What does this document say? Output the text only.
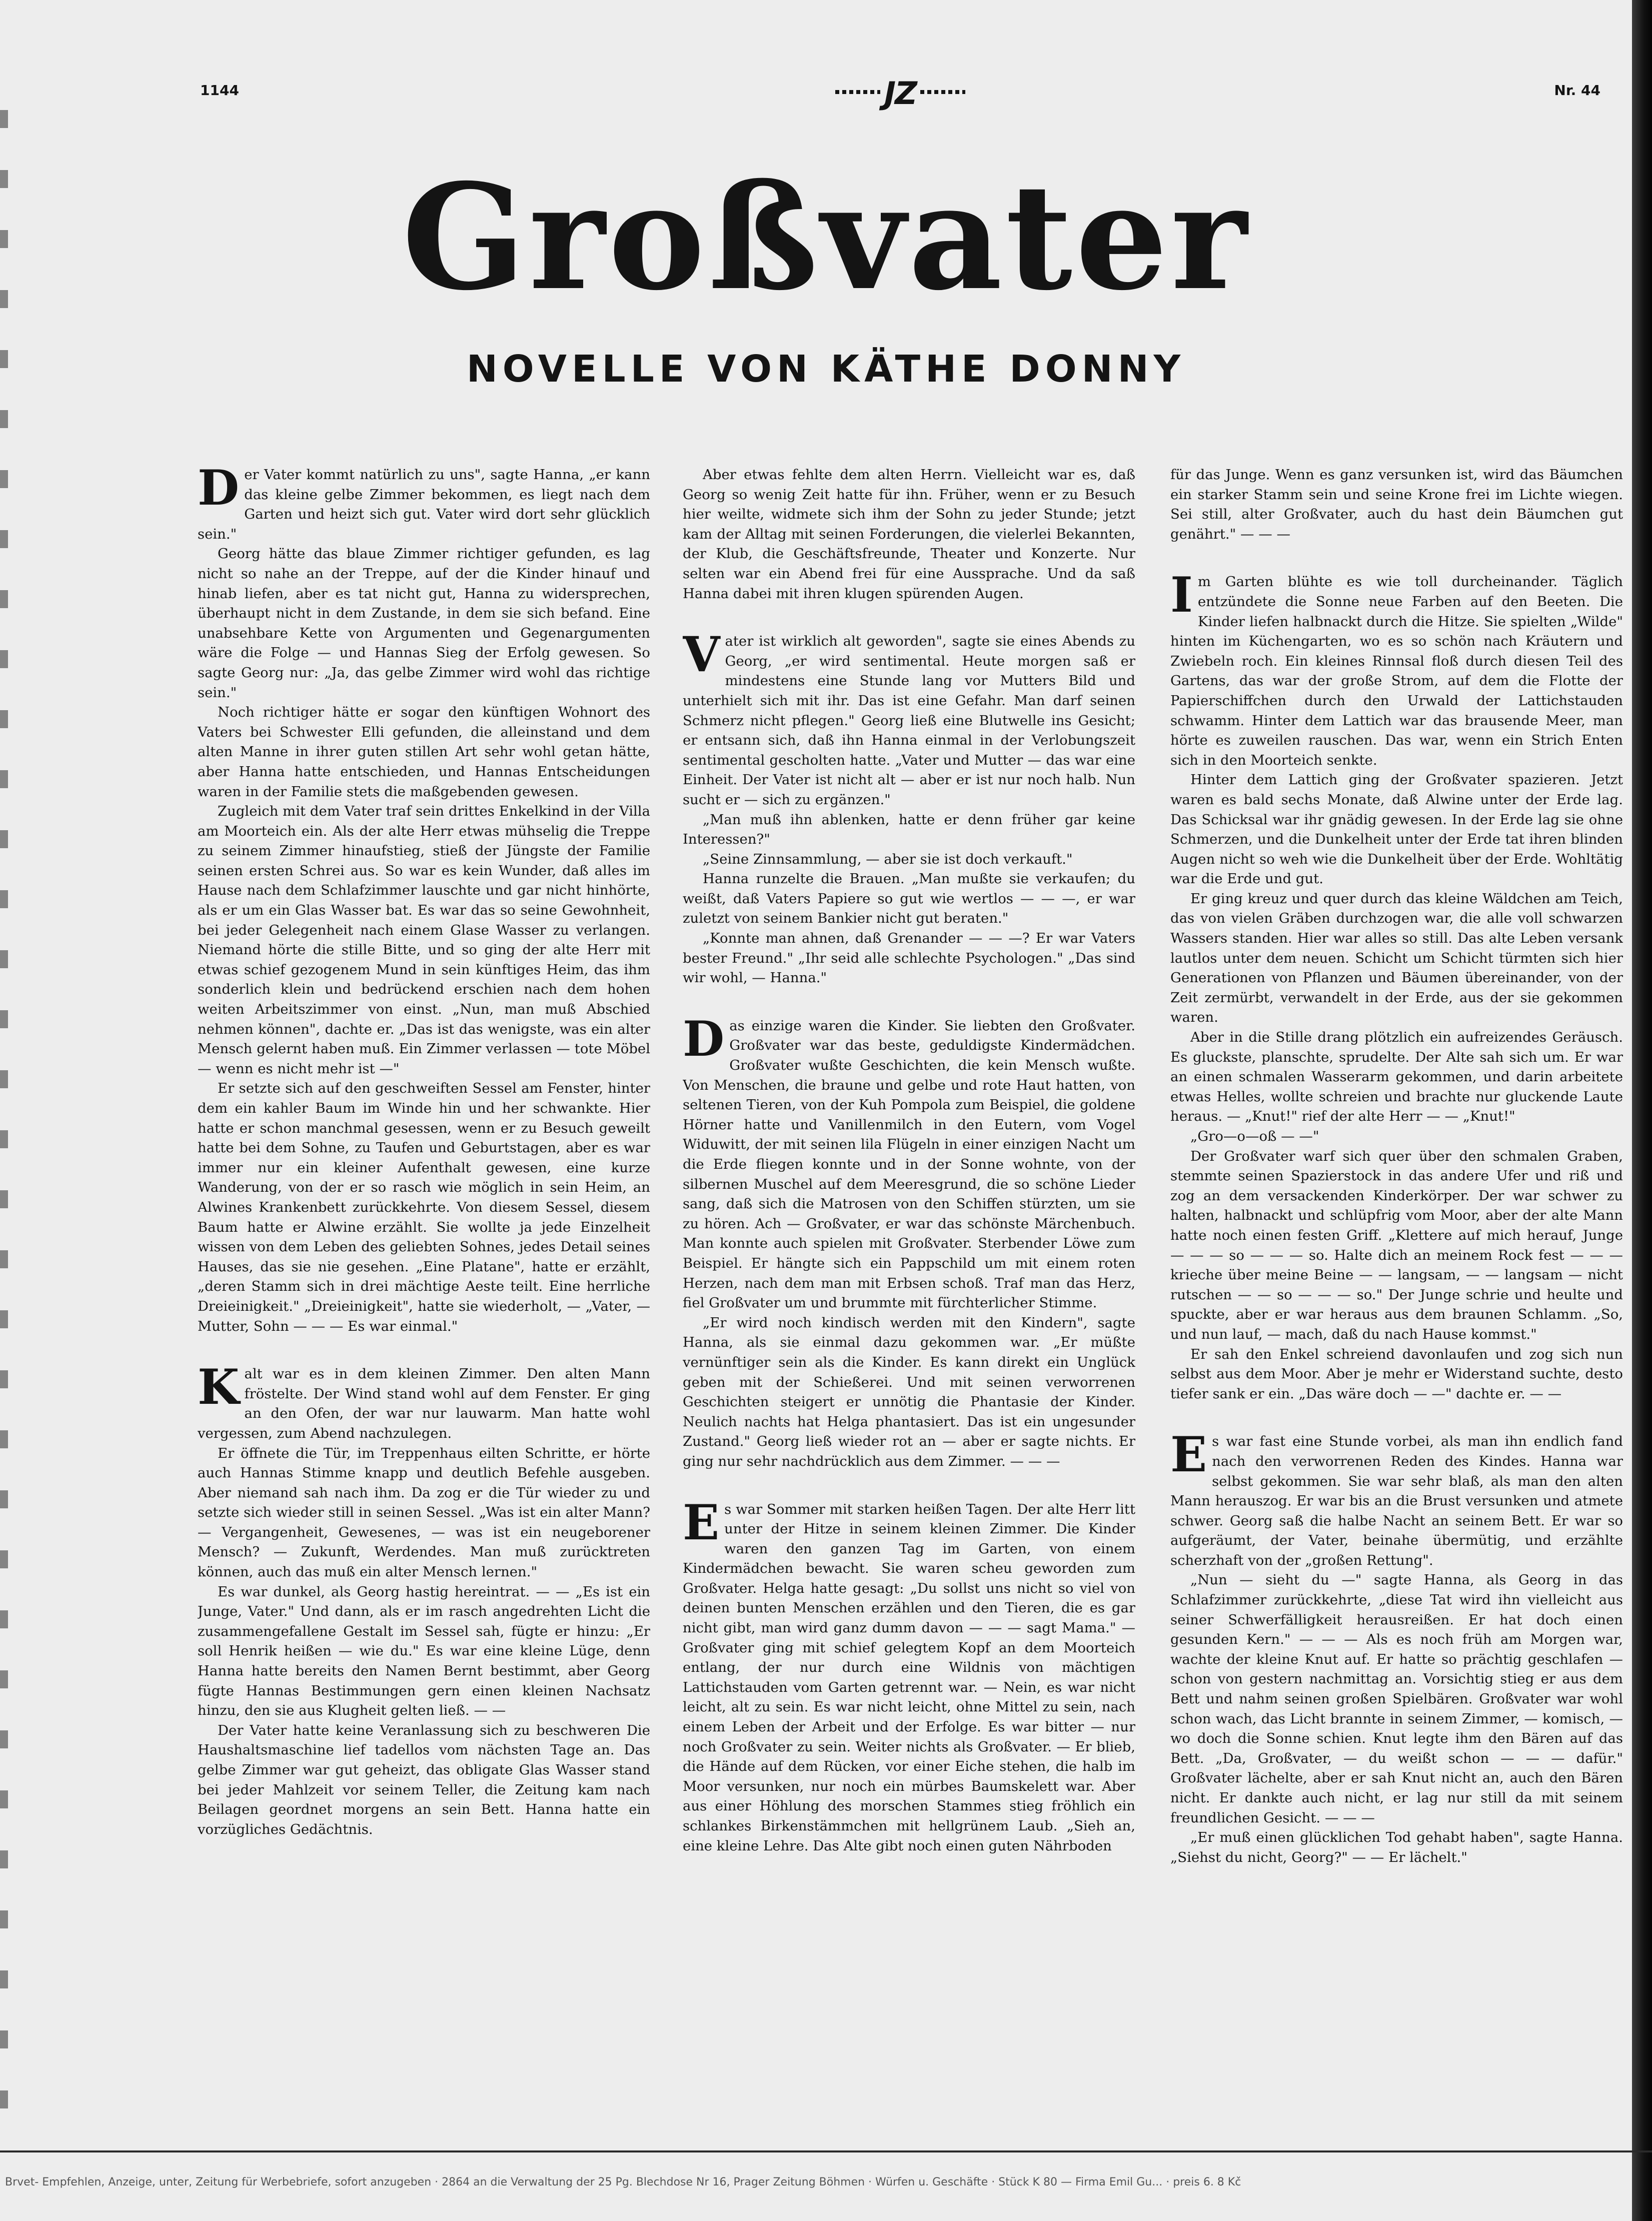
1144	JZ	Nr. 44
Großvater
NOVELLE VON KÄTHE DONNY

Der Vater kommt natürlich zu uns", sagte Hanna, „er kann das kleine gelbe Zimmer bekommen, es liegt nach dem Garten und heizt sich gut. Vater wird dort sehr glücklich sein."

Georg hätte das blaue Zimmer richtiger gefunden, es lag nicht so nahe an der Treppe, auf der die Kinder hinauf und hinab liefen, aber es tat nicht gut, Hanna zu widersprechen, überhaupt nicht in dem Zustande, in dem sie sich befand. Eine unabsehbare Kette von Argumenten und Gegenargumenten wäre die Folge — und Hannas Sieg der Erfolg gewesen. So sagte Georg nur: „Ja, das gelbe Zimmer wird wohl das richtige sein."

Noch richtiger hätte er sogar den künftigen Wohnort des Vaters bei Schwester Elli gefunden, die alleinstand und dem alten Manne in ihrer guten stillen Art sehr wohl getan hätte, aber Hanna hatte entschieden, und Hannas Entscheidungen waren in der Familie stets die maßgebenden gewesen.

Zugleich mit dem Vater traf sein drittes Enkelkind in der Villa am Moorteich ein. Als der alte Herr etwas mühselig die Treppe zu seinem Zimmer hinaufstieg, stieß der Jüngste der Familie seinen ersten Schrei aus. So war es kein Wunder, daß alles im Hause nach dem Schlafzimmer lauschte und gar nicht hinhörte, als er um ein Glas Wasser bat. Es war das so seine Gewohnheit, bei jeder Gelegenheit nach einem Glase Wasser zu verlangen. Niemand hörte die stille Bitte, und so ging der alte Herr mit etwas schief gezogenem Mund in sein künftiges Heim, das ihm sonderlich klein und bedrückend erschien nach dem hohen weiten Arbeitszimmer von einst. „Nun, man muß Abschied nehmen können", dachte er. „Das ist das wenigste, was ein alter Mensch gelernt haben muß. Ein Zimmer verlassen — tote Möbel — wenn es nicht mehr ist —"

Er setzte sich auf den geschweiften Sessel am Fenster, hinter dem ein kahler Baum im Winde hin und her schwankte. Hier hatte er schon manchmal gesessen, wenn er zu Besuch geweilt hatte bei dem Sohne, zu Taufen und Geburtstagen, aber es war immer nur ein kleiner Aufenthalt gewesen, eine kurze Wanderung, von der er so rasch wie möglich in sein Heim, an Alwines Krankenbett zurückkehrte. Von diesem Sessel, diesem Baum hatte er Alwine erzählt. Sie wollte ja jede Einzelheit wissen von dem Leben des geliebten Sohnes, jedes Detail seines Hauses, das sie nie gesehen. „Eine Platane", hatte er erzählt, „deren Stamm sich in drei mächtige Aeste teilt. Eine herrliche Dreieinigkeit." „Dreieinigkeit", hatte sie wiederholt, — „Vater, — Mutter, Sohn — — — Es war einmal."

Kalt war es in dem kleinen Zimmer. Den alten Mann fröstelte. Der Wind stand wohl auf dem Fenster. Er ging an den Ofen, der war nur lauwarm. Man hatte wohl vergessen, zum Abend nachzulegen.

Er öffnete die Tür, im Treppenhaus eilten Schritte, er hörte auch Hannas Stimme knapp und deutlich Befehle ausgeben. Aber niemand sah nach ihm. Da zog er die Tür wieder zu und setzte sich wieder still in seinen Sessel. „Was ist ein alter Mann? — Vergangenheit, Gewesenes, — was ist ein neugeborener Mensch? — Zukunft, Werdendes. Man muß zurücktreten können, auch das muß ein alter Mensch lernen."

Es war dunkel, als Georg hastig hereintrat. — — „Es ist ein Junge, Vater." Und dann, als er im rasch angedrehten Licht die zusammengefallene Gestalt im Sessel sah, fügte er hinzu: „Er soll Henrik heißen — wie du." Es war eine kleine Lüge, denn Hanna hatte bereits den Namen Bernt bestimmt, aber Georg fügte Hannas Bestimmungen gern einen kleinen Nachsatz hinzu, den sie aus Klugheit gelten ließ. — —

Der Vater hatte keine Veranlassung sich zu beschweren Die Haushaltsmaschine lief tadellos vom nächsten Tage an. Das gelbe Zimmer war gut geheizt, das obligate Glas Wasser stand bei jeder Mahlzeit vor seinem Teller, die Zeitung kam nach Beilagen geordnet morgens an sein Bett. Hanna hatte ein vorzügliches Gedächtnis.

Aber etwas fehlte dem alten Herrn. Vielleicht war es, daß Georg so wenig Zeit hatte für ihn. Früher, wenn er zu Besuch hier weilte, widmete sich ihm der Sohn zu jeder Stunde; jetzt kam der Alltag mit seinen Forderungen, die vielerlei Bekannten, der Klub, die Geschäftsfreunde, Theater und Konzerte. Nur selten war ein Abend frei für eine Aussprache. Und da saß Hanna dabei mit ihren klugen spürenden Augen.

Vater ist wirklich alt geworden", sagte sie eines Abends zu Georg, „er wird sentimental. Heute morgen saß er mindestens eine Stunde lang vor Mutters Bild und unterhielt sich mit ihr. Das ist eine Gefahr. Man darf seinen Schmerz nicht pflegen." Georg ließ eine Blutwelle ins Gesicht; er entsann sich, daß ihn Hanna einmal in der Verlobungszeit sentimental gescholten hatte. „Vater und Mutter — das war eine Einheit. Der Vater ist nicht alt — aber er ist nur noch halb. Nun sucht er — sich zu ergänzen."

„Man muß ihn ablenken, hatte er denn früher gar keine Interessen?"

„Seine Zinnsammlung, — aber sie ist doch verkauft."

Hanna runzelte die Brauen. „Man mußte sie verkaufen; du weißt, daß Vaters Papiere so gut wie wertlos — — —, er war zuletzt von seinem Bankier nicht gut beraten."

„Konnte man ahnen, daß Grenander — — —? Er war Vaters bester Freund." „Ihr seid alle schlechte Psychologen." „Das sind wir wohl, — Hanna."

Das einzige waren die Kinder. Sie liebten den Großvater. Großvater war das beste, geduldigste Kindermädchen. Großvater wußte Geschichten, die kein Mensch wußte. Von Menschen, die braune und gelbe und rote Haut hatten, von seltenen Tieren, von der Kuh Pompola zum Beispiel, die goldene Hörner hatte und Vanillenmilch in den Eutern, vom Vogel Widuwitt, der mit seinen lila Flügeln in einer einzigen Nacht um die Erde fliegen konnte und in der Sonne wohnte, von der silbernen Muschel auf dem Meeresgrund, die so schöne Lieder sang, daß sich die Matrosen von den Schiffen stürzten, um sie zu hören. Ach — Großvater, er war das schönste Märchenbuch. Man konnte auch spielen mit Großvater. Sterbender Löwe zum Beispiel. Er hängte sich ein Pappschild um mit einem roten Herzen, nach dem man mit Erbsen schoß. Traf man das Herz, fiel Großvater um und brummte mit fürchterlicher Stimme.

„Er wird noch kindisch werden mit den Kindern", sagte Hanna, als sie einmal dazu gekommen war. „Er müßte vernünftiger sein als die Kinder. Es kann direkt ein Unglück geben mit der Schießerei. Und mit seinen verworrenen Geschichten steigert er unnötig die Phantasie der Kinder. Neulich nachts hat Helga phantasiert. Das ist ein ungesunder Zustand." Georg ließ wieder rot an — aber er sagte nichts. Er ging nur sehr nachdrücklich aus dem Zimmer. — — —

Es war Sommer mit starken heißen Tagen. Der alte Herr litt unter der Hitze in seinem kleinen Zimmer. Die Kinder waren den ganzen Tag im Garten, von einem Kindermädchen bewacht. Sie waren scheu geworden zum Großvater. Helga hatte gesagt: „Du sollst uns nicht so viel von deinen bunten Menschen erzählen und den Tieren, die es gar nicht gibt, man wird ganz dumm davon — — — sagt Mama." — Großvater ging mit schief gelegtem Kopf an dem Moorteich entlang, der nur durch eine Wildnis von mächtigen Lattichstauden vom Garten getrennt war. — Nein, es war nicht leicht, alt zu sein. Es war nicht leicht, ohne Mittel zu sein, nach einem Leben der Arbeit und der Erfolge. Es war bitter — nur noch Großvater zu sein. Weiter nichts als Großvater. — Er blieb, die Hände auf dem Rücken, vor einer Eiche stehen, die halb im Moor versunken, nur noch ein mürbes Baumskelett war. Aber aus einer Höhlung des morschen Stammes stieg fröhlich ein schlankes Birkenstämmchen mit hellgrünem Laub. „Sieh an, eine kleine Lehre. Das Alte gibt noch einen guten Nährboden

für das Junge. Wenn es ganz versunken ist, wird das Bäumchen ein starker Stamm sein und seine Krone frei im Lichte wiegen. Sei still, alter Großvater, auch du hast dein Bäumchen gut genährt." — — —

Im Garten blühte es wie toll durcheinander. Täglich entzündete die Sonne neue Farben auf den Beeten. Die Kinder liefen halbnackt durch die Hitze. Sie spielten „Wilde" hinten im Küchengarten, wo es so schön nach Kräutern und Zwiebeln roch. Ein kleines Rinnsal floß durch diesen Teil des Gartens, das war der große Strom, auf dem die Flotte der Papierschiffchen durch den Urwald der Lattichstauden schwamm. Hinter dem Lattich war das brausende Meer, man hörte es zuweilen rauschen. Das war, wenn ein Strich Enten sich in den Moorteich senkte.

Hinter dem Lattich ging der Großvater spazieren. Jetzt waren es bald sechs Monate, daß Alwine unter der Erde lag. Das Schicksal war ihr gnädig gewesen. In der Erde lag sie ohne Schmerzen, und die Dunkelheit unter der Erde tat ihren blinden Augen nicht so weh wie die Dunkelheit über der Erde. Wohltätig war die Erde und gut.

Er ging kreuz und quer durch das kleine Wäldchen am Teich, das von vielen Gräben durchzogen war, die alle voll schwarzen Wassers standen. Hier war alles so still. Das alte Leben versank lautlos unter dem neuen. Schicht um Schicht türmten sich hier Generationen von Pflanzen und Bäumen übereinander, von der Zeit zermürbt, verwandelt in der Erde, aus der sie gekommen waren.

Aber in die Stille drang plötzlich ein aufreizendes Geräusch. Es gluckste, planschte, sprudelte. Der Alte sah sich um. Er war an einen schmalen Wasserarm gekommen, und darin arbeitete etwas Helles, wollte schreien und brachte nur gluckende Laute heraus. — „Knut!" rief der alte Herr — — „Knut!"

„Gro—o—oß — —"

Der Großvater warf sich quer über den schmalen Graben, stemmte seinen Spazierstock in das andere Ufer und riß und zog an dem versackenden Kinderkörper. Der war schwer zu halten, halbnackt und schlüpfrig vom Moor, aber der alte Mann hatte noch einen festen Griff. „Klettere auf mich herauf, Junge — — — so — — — so. Halte dich an meinem Rock fest — — — krieche über meine Beine — — langsam, — — langsam — nicht rutschen — — so — — — so." Der Junge schrie und heulte und spuckte, aber er war heraus aus dem braunen Schlamm. „So, und nun lauf, — mach, daß du nach Hause kommst."

Er sah den Enkel schreiend davonlaufen und zog sich nun selbst aus dem Moor. Aber je mehr er Widerstand suchte, desto tiefer sank er ein. „Das wäre doch — —" dachte er. — —

Es war fast eine Stunde vorbei, als man ihn endlich fand nach den verworrenen Reden des Kindes. Hanna war selbst gekommen. Sie war sehr blaß, als man den alten Mann herauszog. Er war bis an die Brust versunken und atmete schwer. Georg saß die halbe Nacht an seinem Bett. Er war so aufgeräumt, der Vater, beinahe übermütig, und erzählte scherzhaft von der „großen Rettung".

„Nun — sieht du —" sagte Hanna, als Georg in das Schlafzimmer zurückkehrte, „diese Tat wird ihn vielleicht aus seiner Schwerfälligkeit herausreißen. Er hat doch einen gesunden Kern." — — — Als es noch früh am Morgen war, wachte der kleine Knut auf. Er hatte so prächtig geschlafen — schon von gestern nachmittag an. Vorsichtig stieg er aus dem Bett und nahm seinen großen Spielbären. Großvater war wohl schon wach, das Licht brannte in seinem Zimmer, — komisch, — wo doch die Sonne schien. Knut legte ihm den Bären auf das Bett. „Da, Großvater, — du weißt schon — — — dafür." Großvater lächelte, aber er sah Knut nicht an, auch den Bären nicht. Er dankte auch nicht, er lag nur still da mit seinem freundlichen Gesicht. — — —

„Er muß einen glücklichen Tod gehabt haben", sagte Hanna. „Siehst du nicht, Georg?" — — Er lächelt."

Brvet- Empfehlen, Anzeige, unter, Zeitung für Werbebriefe, sofort anzugeben · 2864 an die Verwaltung der 25 Pg. Blechdose Nr 16, Prager Zeitung Böhmen · Würfen u. Geschäfte · Stück K 80 — Firma Emil Gu... · preis 6. 8 Kč
